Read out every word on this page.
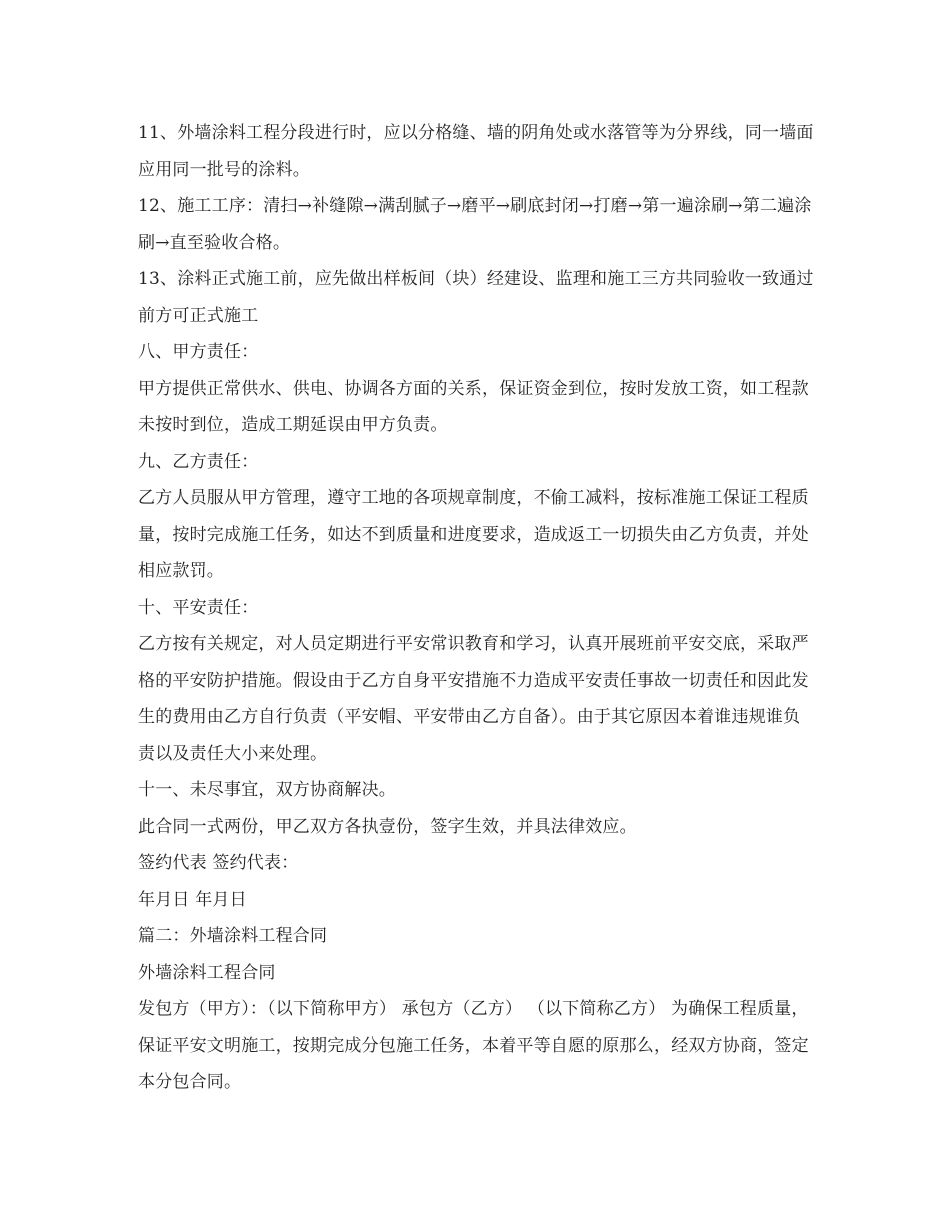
11、外墙涂料工程分段进行时，应以分格缝、墙的阴角处或水落管等为分界线，同一墙面应用同一批号的涂料。

12、施工工序：清扫→补缝隙→满刮腻子→磨平→刷底封闭→打磨→第一遍涂刷→第二遍涂刷→直至验收合格。

13、涂料正式施工前，应先做出样板间（块）经建设、监理和施工三方共同验收一致通过前方可正式施工

八、甲方责任：

甲方提供正常供水、供电、协调各方面的关系，保证资金到位，按时发放工资，如工程款未按时到位，造成工期延误由甲方负责。

九、乙方责任：

乙方人员服从甲方管理，遵守工地的各项规章制度，不偷工减料，按标准施工保证工程质量，按时完成施工任务，如达不到质量和进度要求，造成返工一切损失由乙方负责，并处相应款罚。

十、平安责任：

乙方按有关规定，对人员定期进行平安常识教育和学习，认真开展班前平安交底，采取严格的平安防护措施。假设由于乙方自身平安措施不力造成平安责任事故一切责任和因此发生的费用由乙方自行负责（平安帽、平安带由乙方自备）。由于其它原因本着谁违规谁负责以及责任大小来处理。

十一、未尽事宜，双方协商解决。

此合同一式两份，甲乙双方各执壹份，签字生效，并具法律效应。

签约代表 签约代表：

年月日 年月日

篇二：外墙涂料工程合同

外墙涂料工程合同

发包方（甲方）：（以下简称甲方） 承包方（乙方） （以下简称乙方） 为确保工程质量，保证平安文明施工，按期完成分包施工任务，本着平等自愿的原那么，经双方协商，签定本分包合同。
